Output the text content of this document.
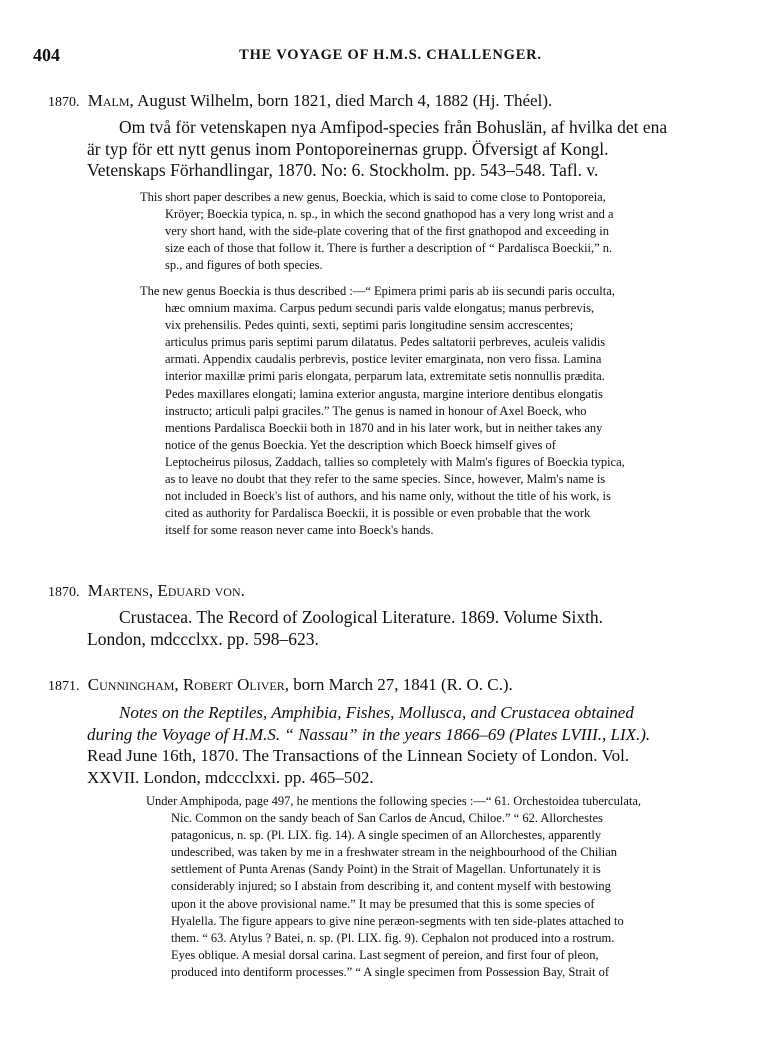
404	THE VOYAGE OF H.M.S. CHALLENGER.
1870. Malm, August Wilhelm, born 1821, died March 4, 1882 (Hj. Théel).
Om två för vetenskapen nya Amfipod-species från Bohuslän, af hvilka det ena
är typ för ett nytt genus inom Pontoporeinernas grupp. Öfversigt af Kongl.
Vetenskaps Förhandlingar, 1870. No: 6. Stockholm. pp. 543–548. Tafl. v.
This short paper describes a new genus, Boeckia, which is said to come close to Pontoporeia,
Kröyer; Boeckia typica, n. sp., in which the second gnathopod has a very long wrist and a
very short hand, with the side-plate covering that of the first gnathopod and exceeding in
size each of those that follow it. There is further a description of “ Pardalisca Boeckii,” n.
sp., and figures of both species.
The new genus Boeckia is thus described :—“ Epimera primi paris ab iis secundi paris occulta,
hæc omnium maxima. Carpus pedum secundi paris valde elongatus; manus perbrevis,
vix prehensilis. Pedes quinti, sexti, septimi paris longitudine sensim accrescentes;
articulus primus paris septimi parum dilatatus. Pedes saltatorii perbreves, aculeis validis
armati. Appendix caudalis perbrevis, postice leviter emarginata, non vero fissa. Lamina
interior maxillæ primi paris elongata, perparum lata, extremitate setis nonnullis prædita.
Pedes maxillares elongati; lamina exterior angusta, margine interiore dentibus elongatis
instructo; articuli palpi graciles.” The genus is named in honour of Axel Boeck, who
mentions Pardalisca Boeckii both in 1870 and in his later work, but in neither takes any
notice of the genus Boeckia. Yet the description which Boeck himself gives of
Leptocheirus pilosus, Zaddach, tallies so completely with Malm's figures of Boeckia typica,
as to leave no doubt that they refer to the same species. Since, however, Malm's name is
not included in Boeck's list of authors, and his name only, without the title of his work, is
cited as authority for Pardalisca Boeckii, it is possible or even probable that the work
itself for some reason never came into Boeck's hands.
1870. Martens, Eduard von.
Crustacea. The Record of Zoological Literature. 1869. Volume Sixth.
London, mdccclxx. pp. 598–623.
1871. Cunningham, Robert Oliver, born March 27, 1841 (R. O. C.).
Notes on the Reptiles, Amphibia, Fishes, Mollusca, and Crustacea obtained
during the Voyage of H.M.S. “ Nassau” in the years 1866–69 (Plates LVIII., LIX.).
Read June 16th, 1870. The Transactions of the Linnean Society of London. Vol.
XXVII. London, mdccclxxi. pp. 465–502.
Under Amphipoda, page 497, he mentions the following species :—“ 61. Orchestoidea tuberculata,
Nic. Common on the sandy beach of San Carlos de Ancud, Chiloe.” “ 62. Allorchestes
patagonicus, n. sp. (Pl. LIX. fig. 14). A single specimen of an Allorchestes, apparently
undescribed, was taken by me in a freshwater stream in the neighbourhood of the Chilian
settlement of Punta Arenas (Sandy Point) in the Strait of Magellan. Unfortunately it is
considerably injured; so I abstain from describing it, and content myself with bestowing
upon it the above provisional name.” It may be presumed that this is some species of
Hyalella. The figure appears to give nine peræon-segments with ten side-plates attached to
them. “ 63. Atylus ? Batei, n. sp. (Pl. LIX. fig. 9). Cephalon not produced into a rostrum.
Eyes oblique. A mesial dorsal carina. Last segment of pereion, and first four of pleon,
produced into dentiform processes.” “ A single specimen from Possession Bay, Strait of
